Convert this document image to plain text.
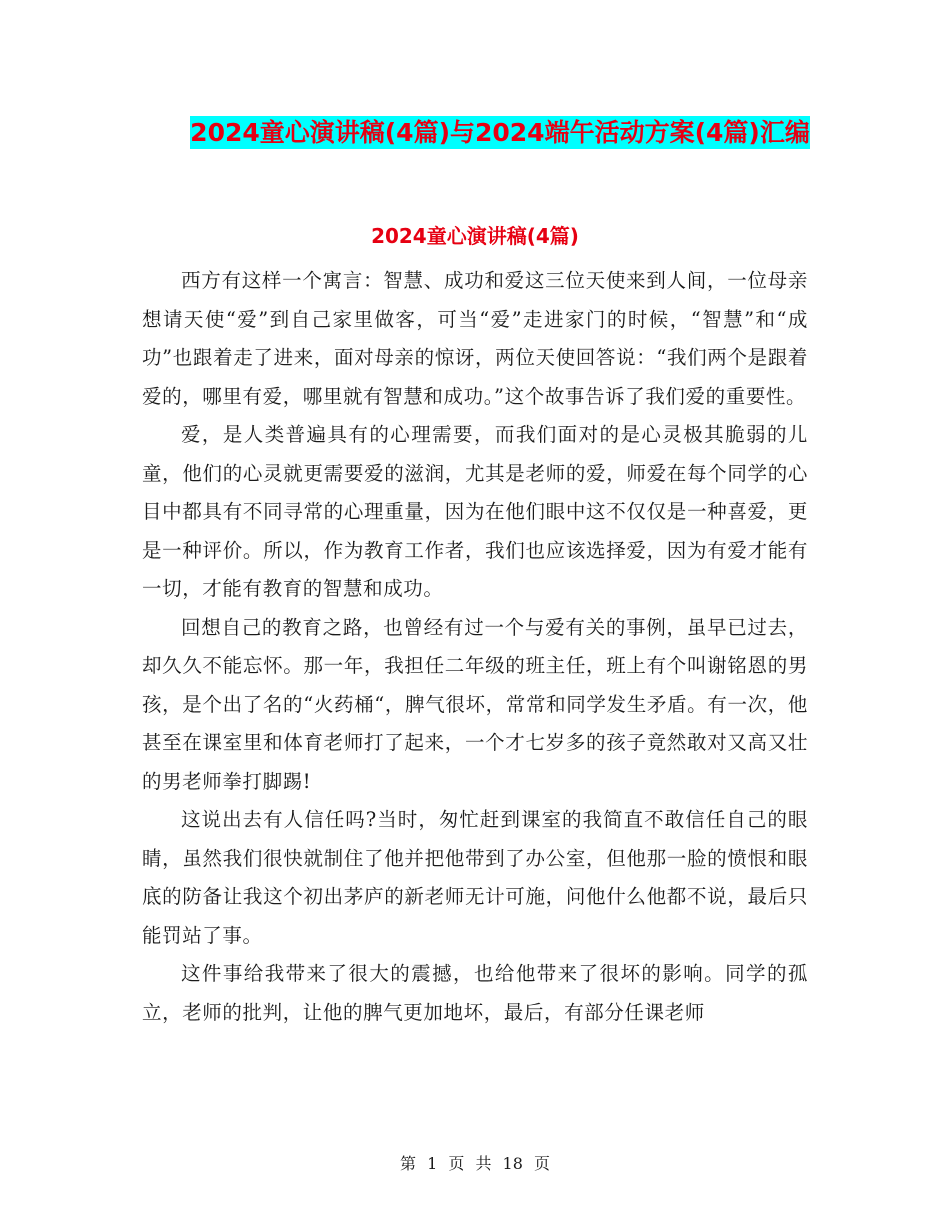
2024童心演讲稿(4篇)与2024端午活动方案(4篇)汇编
2024童心演讲稿(4篇)

西方有这样一个寓言：智慧、成功和爱这三位天使来到人间，一位母亲想请天使“爱”到自己家里做客，可当“爱”走进家门的时候，“智慧”和“成功”也跟着走了进来，面对母亲的惊讶，两位天使回答说：“我们两个是跟着爱的，哪里有爱，哪里就有智慧和成功。”这个故事告诉了我们爱的重要性。

爱，是人类普遍具有的心理需要，而我们面对的是心灵极其脆弱的儿童，他们的心灵就更需要爱的滋润，尤其是老师的爱，师爱在每个同学的心目中都具有不同寻常的心理重量，因为在他们眼中这不仅仅是一种喜爱，更是一种评价。所以，作为教育工作者，我们也应该选择爱，因为有爱才能有一切，才能有教育的智慧和成功。

回想自己的教育之路，也曾经有过一个与爱有关的事例，虽早已过去，却久久不能忘怀。那一年，我担任二年级的班主任，班上有个叫谢铭恩的男孩，是个出了名的“火药桶“，脾气很坏，常常和同学发生矛盾。有一次，他甚至在课室里和体育老师打了起来，一个才七岁多的孩子竟然敢对又高又壮的男老师拳打脚踢!

这说出去有人信任吗?当时，匆忙赶到课室的我简直不敢信任自己的眼睛，虽然我们很快就制住了他并把他带到了办公室，但他那一脸的愤恨和眼底的防备让我这个初出茅庐的新老师无计可施，问他什么他都不说，最后只能罚站了事。

这件事给我带来了很大的震撼，也给他带来了很坏的影响。同学的孤立，老师的批判，让他的脾气更加地坏，最后，有部分任课老师

第 1 页 共 18 页
